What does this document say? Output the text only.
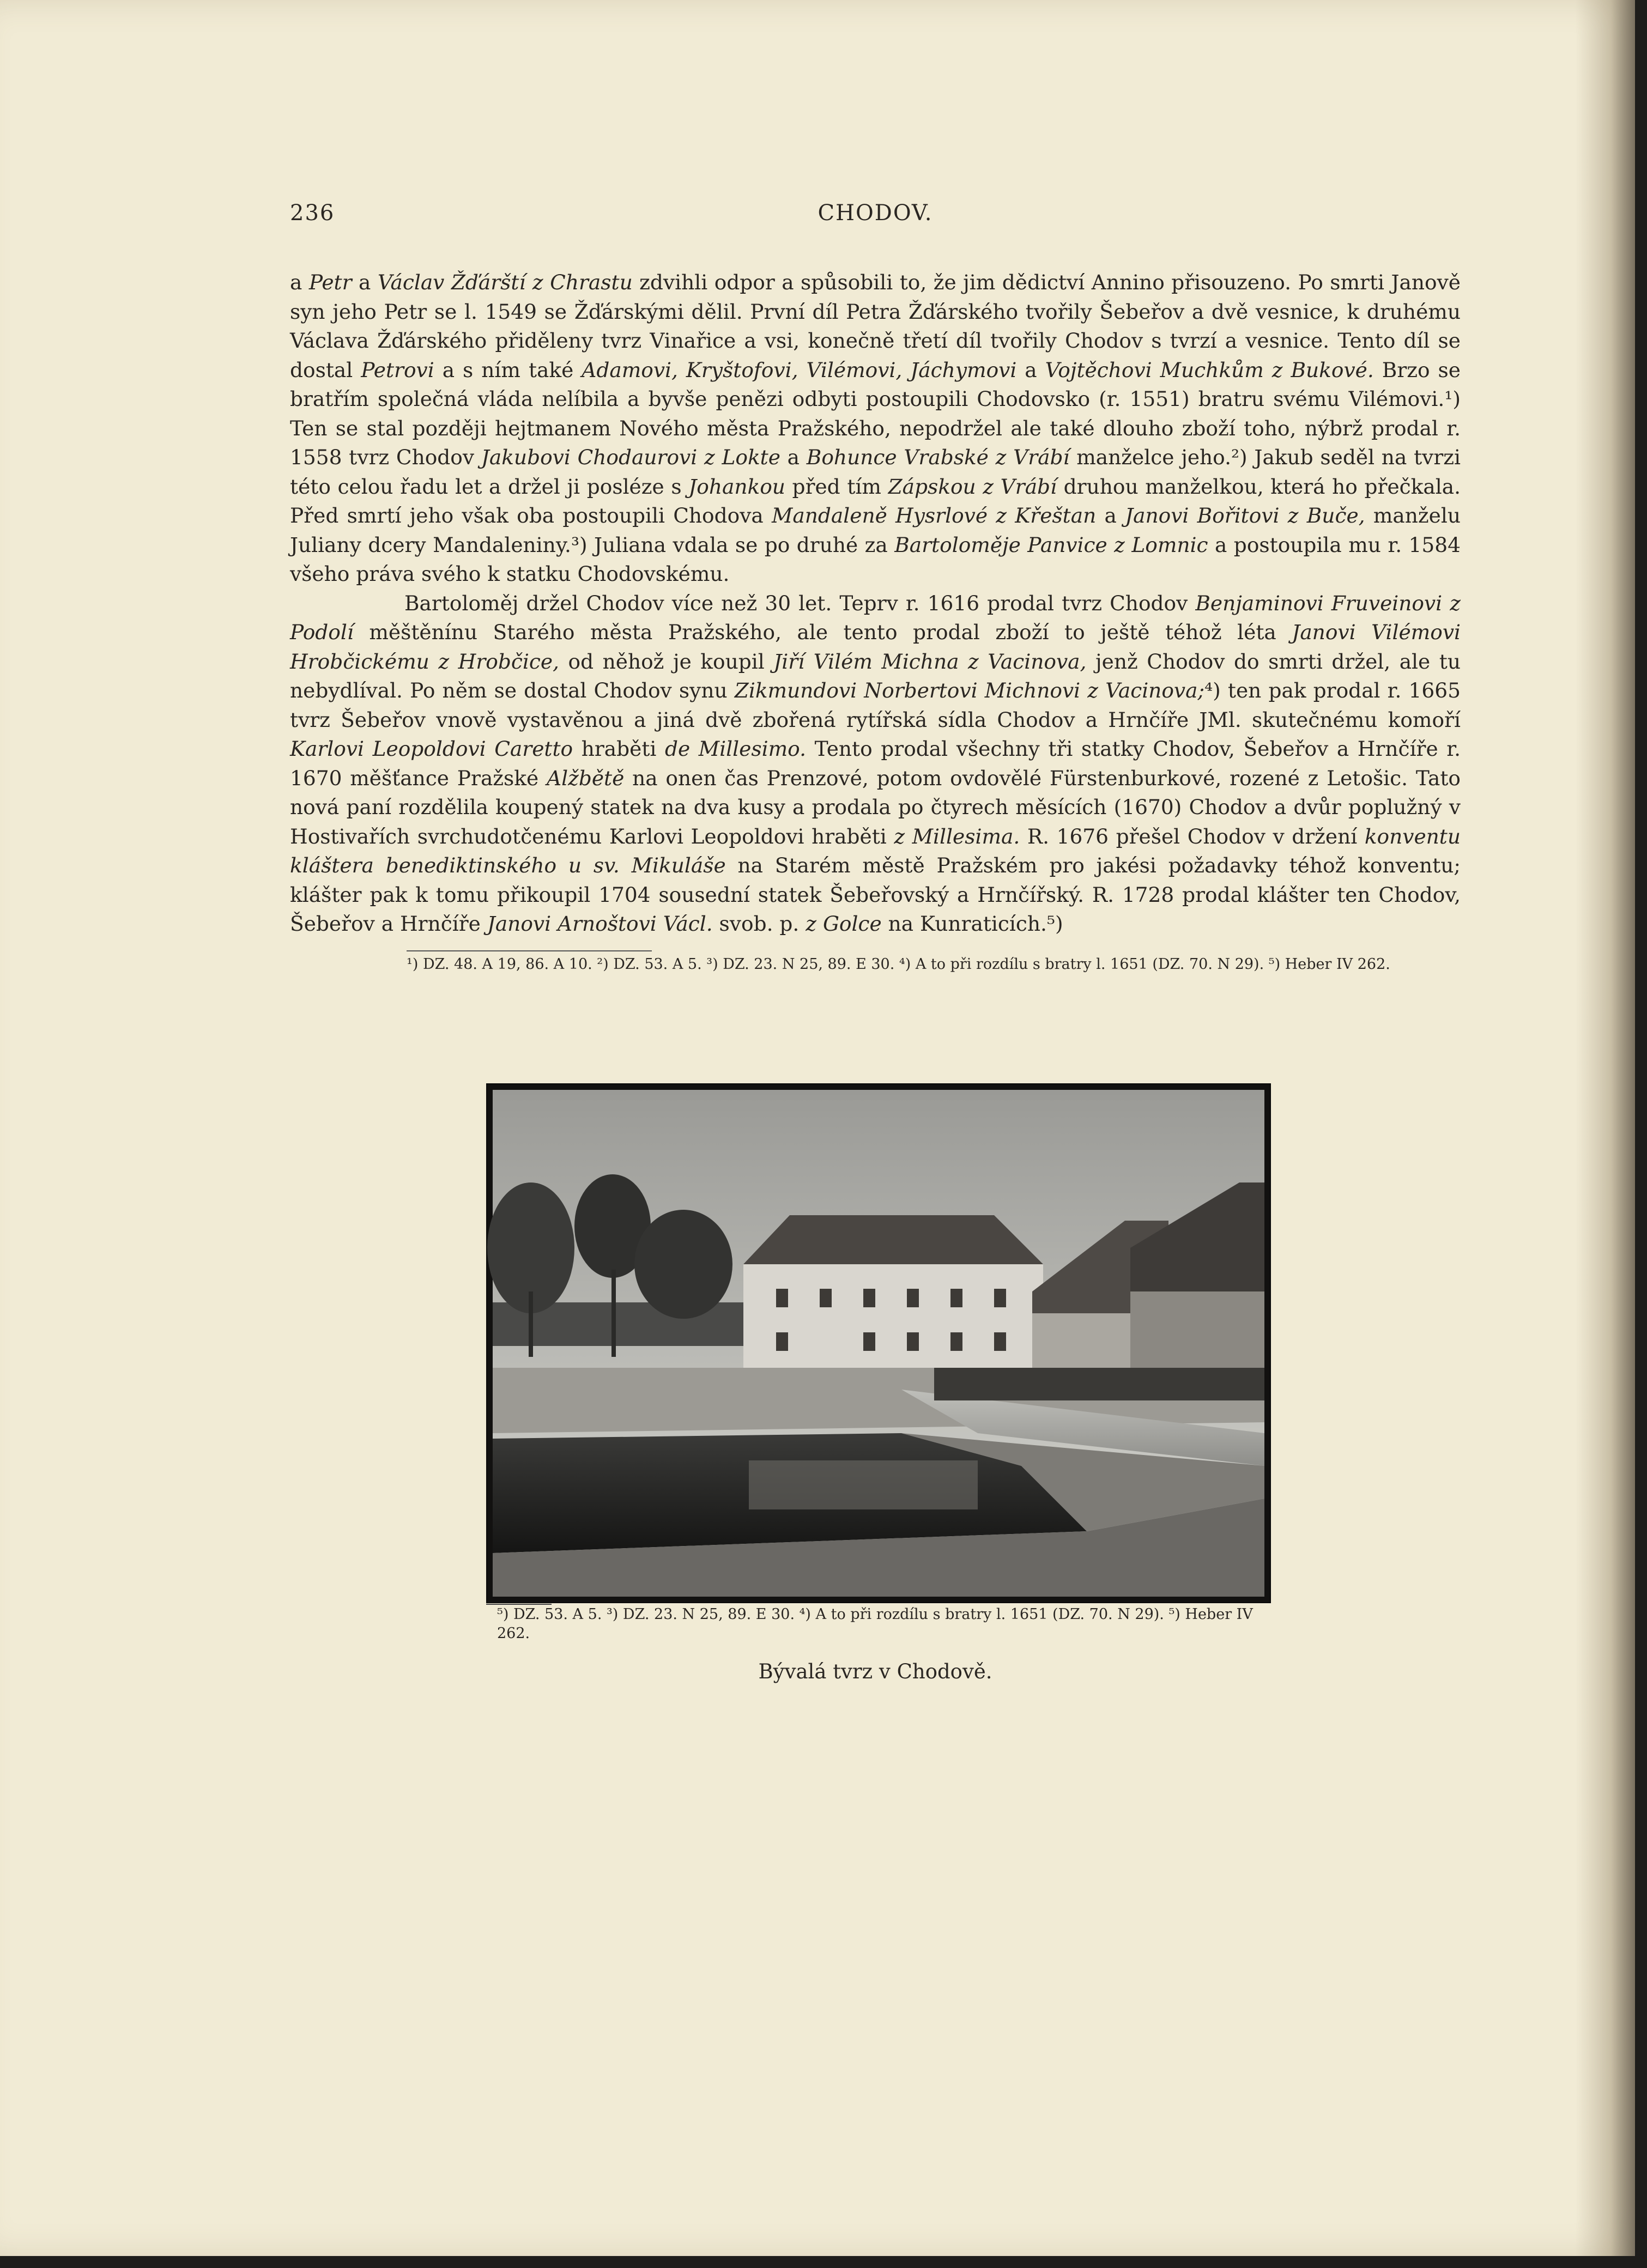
236	CHODOV.

a Petr a Václav Žďárští z Chrastu zdvihli odpor a spůsobili to, že jim dědictví Annino přisouzeno. Po smrti Janově syn jeho Petr se l. 1549 se Žďárskými dělil. První díl Petra Žďárského tvořily Šebeřov a dvě vesnice, k druhému Václava Žďárského přiděleny tvrz Vinařice a vsi, konečně třetí díl tvořily Chodov s tvrzí a vesnice. Tento díl se dostal Petrovi a s ním také Adamovi, Kryštofovi, Vilémovi, Jáchymovi a Vojtěchovi Muchkům z Bukové. Brzo se bratřím společná vláda nelíbila a byvše penězi odbyti postoupili Chodovsko (r. 1551) bratru svému Vilémovi.¹) Ten se stal později hejtmanem Nového města Pražského, nepodržel ale také dlouho zboží toho, nýbrž prodal r. 1558 tvrz Chodov Jakubovi Chodaurovi z Lokte a Bohunce Vrabské z Vrábí manželce jeho.²) Jakub seděl na tvrzi této celou řadu let a držel ji posléze s Johankou před tím Zápskou z Vrábí druhou manželkou, která ho přečkala. Před smrtí jeho však oba postoupili Chodova Mandaleně Hysrlové z Křeštan a Janovi Bořitovi z Buče, manželu Juliany dcery Mandaleniny.³) Juliana vdala se po druhé za Bartoloměje Panvice z Lomnic a postoupila mu r. 1584 všeho práva svého k statku Chodovskému.

Bartoloměj držel Chodov více než 30 let. Teprv r. 1616 prodal tvrz Chodov Benjaminovi Fruveinovi z Podolí měštěnínu Starého města Pražského, ale tento prodal zboží to ještě téhož léta Janovi Vilémovi Hrobčickému z Hrobčice, od něhož je koupil Jiří Vilém Michna z Vacinova, jenž Chodov do smrti držel, ale tu nebydlíval. Po něm se dostal Chodov synu Zikmundovi Norbertovi Michnovi z Vacinova;⁴) ten pak prodal r. 1665 tvrz Šebeřov vnově vystavěnou a jiná dvě zbořená rytířská sídla Chodov a Hrnčíře JMl. skutečnému komoří Karlovi Leopoldovi Caretto hraběti de Millesimo. Tento prodal všechny tři statky Chodov, Šebeřov a Hrnčíře r. 1670 měšťance Pražské Alžbětě na onen čas Prenzové, potom ovdovělé Fürstenburkové, rozené z Letošic. Tato nová paní rozdělila koupený statek na dva kusy a prodala po čtyrech měsících (1670) Chodov a dvůr poplužný v Hostivařích svrchudotčenému Karlovi Leopoldovi hraběti z Millesima. R. 1676 přešel Chodov v držení konventu kláštera benediktinského u sv. Mikuláše na Starém městě Pražském pro jakési požadavky téhož konventu; klášter pak k tomu přikoupil 1704 sousední statek Šebeřovský a Hrnčířský. R. 1728 prodal klášter ten Chodov, Šebeřov a Hrnčíře Janovi Arnoštovi Václ. svob. p. z Golce na Kunraticích.⁵)

¹) DZ. 48. A 19, 86. A 10. ²) DZ. 53. A 5. ³) DZ. 23. N 25, 89. E 30. ⁴) A to při rozdílu s bratry l. 1651 (DZ. 70. N 29). ⁵) Heber IV 262.

⁵) DZ. 53. A 5. ³) DZ. 23. N 25, 89. E 30. ⁴) A to při rozdílu s bratry l. 1651 (DZ. 70. N 29). ⁵) Heber IV 262.

Bývalá tvrz v Chodově.
